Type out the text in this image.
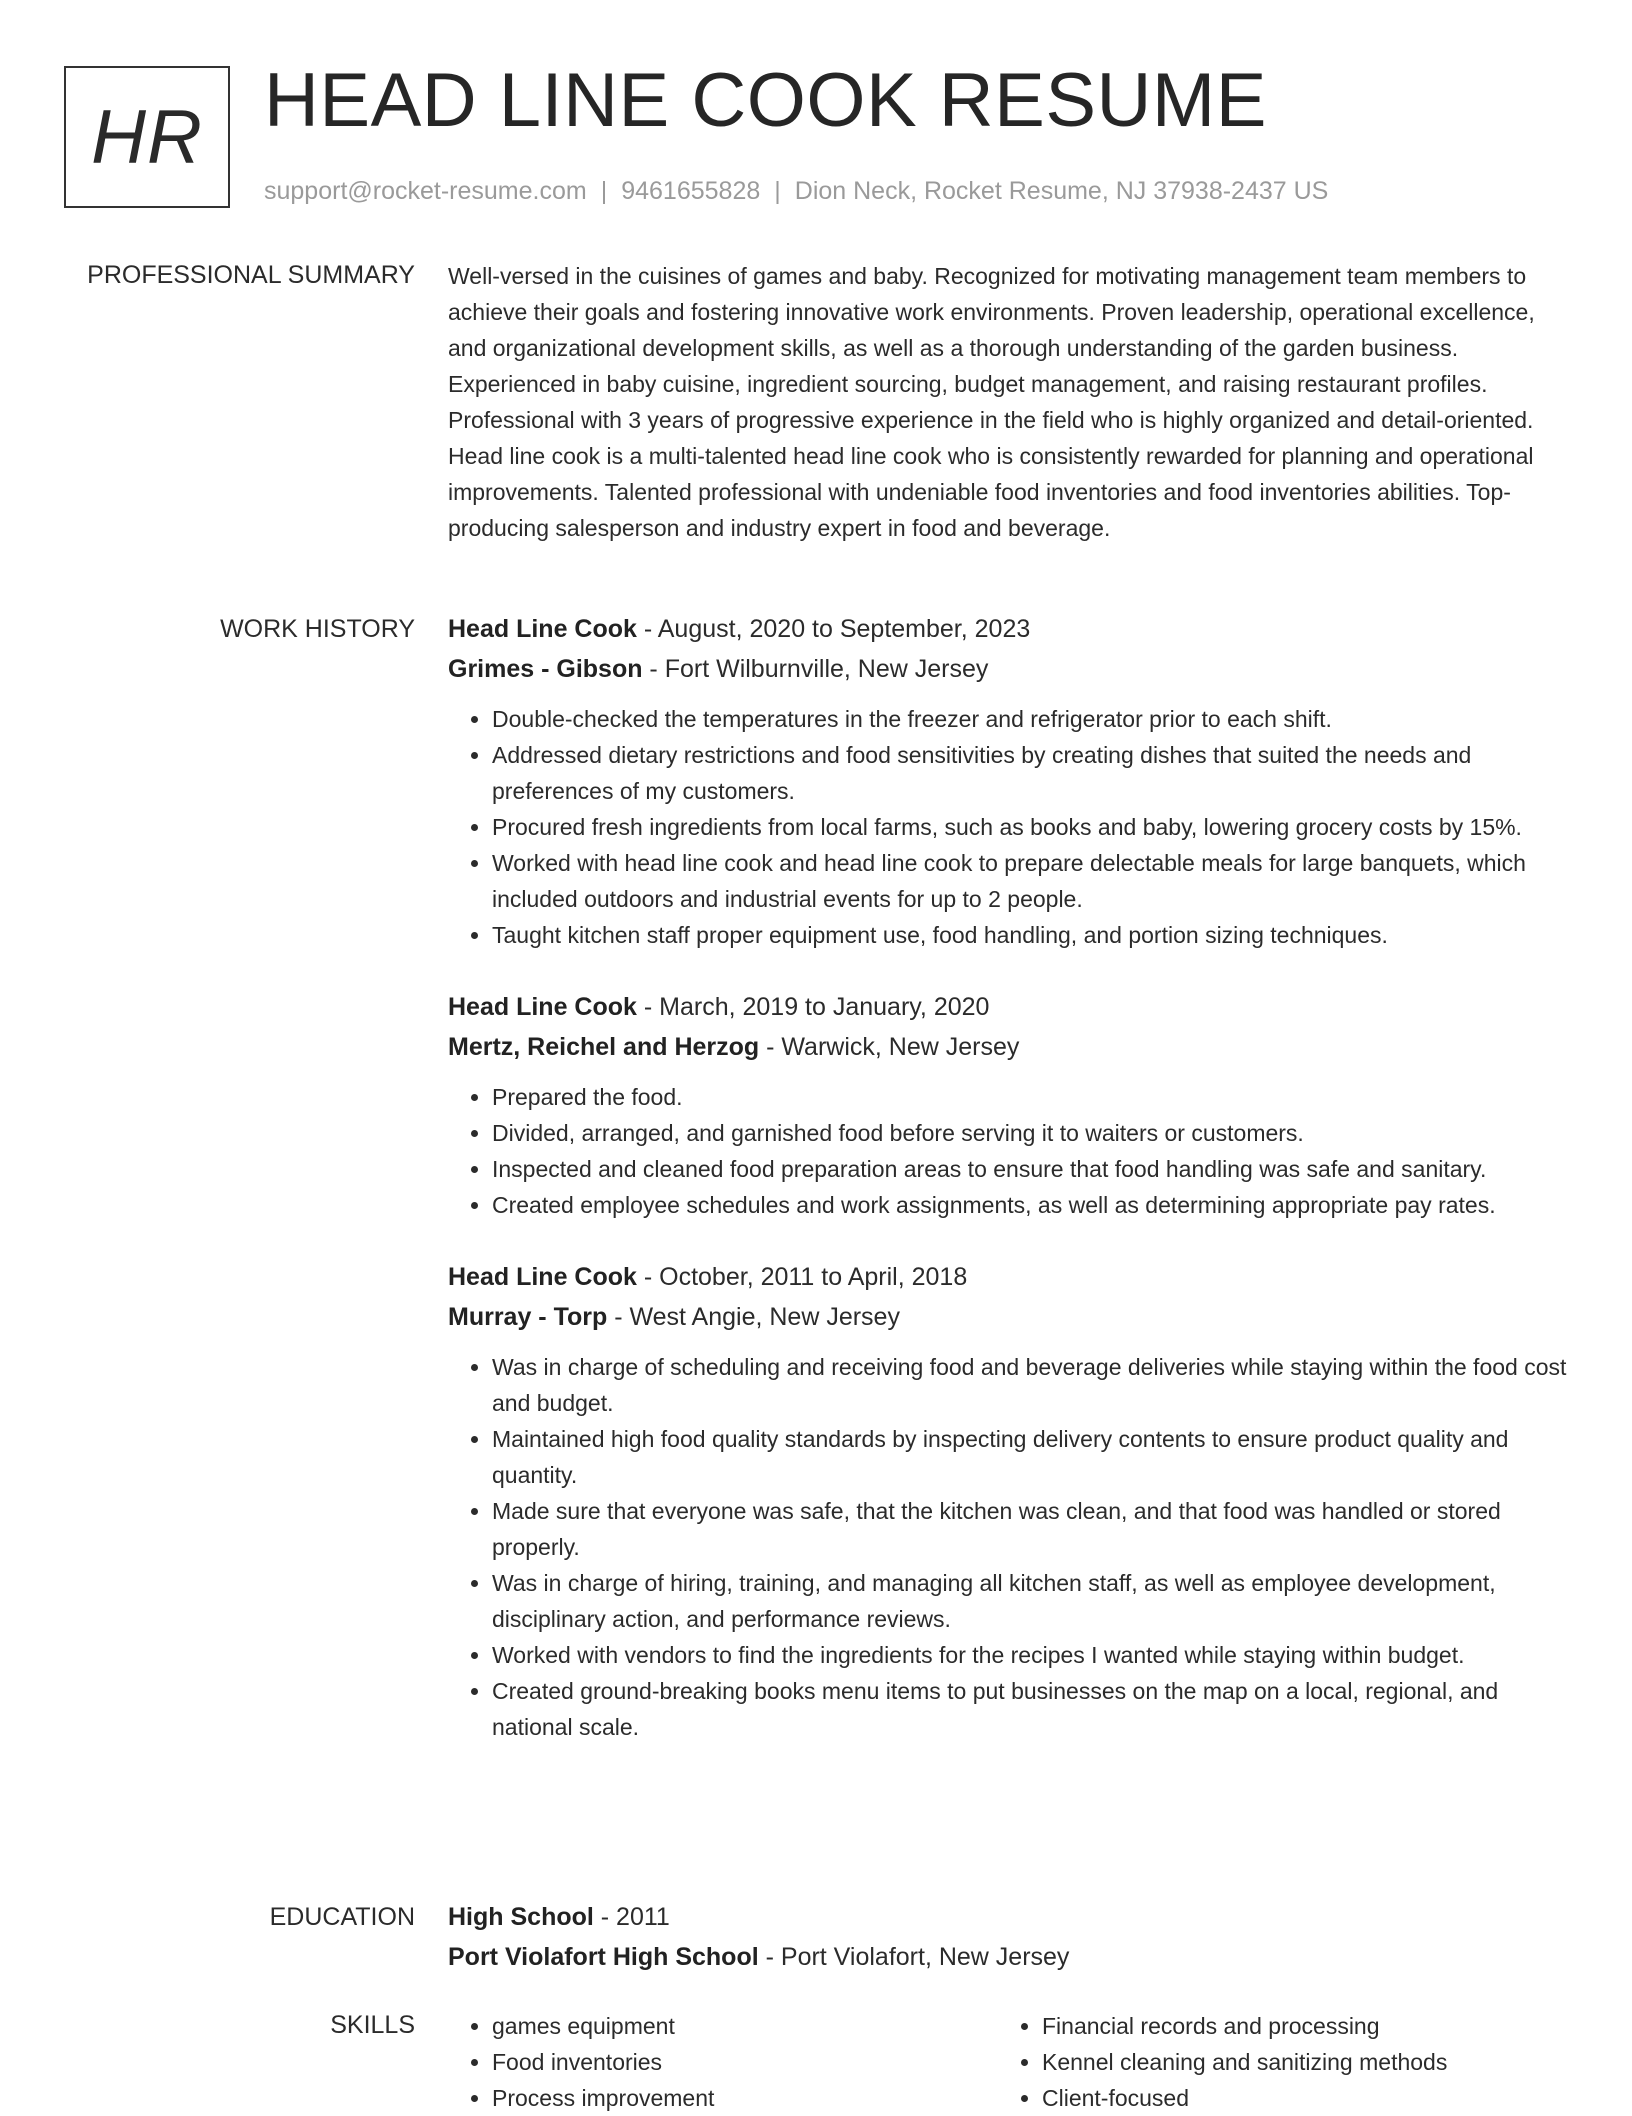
HR HEAD LINE COOK RESUME
support@rocket-resume.com | 9461655828 | Dion Neck, Rocket Resume, NJ 37938-2437 US
PROFESSIONAL SUMMARY Well-versed in the cuisines of games and baby. Recognized for motivating management team members to achieve their goals and fostering innovative work environments. Proven leadership, operational excellence, and organizational development skills, as well as a thorough understanding of the garden business. Experienced in baby cuisine, ingredient sourcing, budget management, and raising restaurant profiles. Professional with 3 years of progressive experience in the field who is highly organized and detail-oriented. Head line cook is a multi-talented head line cook who is consistently rewarded for planning and operational improvements. Talented professional with undeniable food inventories and food inventories abilities. Top-producing salesperson and industry expert in food and beverage.

WORK HISTORY Head Line Cook - August, 2020 to September, 2023
Grimes - Gibson - Fort Wilburnville, New Jersey
• Double-checked the temperatures in the freezer and refrigerator prior to each shift.
• Addressed dietary restrictions and food sensitivities by creating dishes that suited the needs and preferences of my customers.
• Procured fresh ingredients from local farms, such as books and baby, lowering grocery costs by 15%.
• Worked with head line cook and head line cook to prepare delectable meals for large banquets, which included outdoors and industrial events for up to 2 people.
• Taught kitchen staff proper equipment use, food handling, and portion sizing techniques.
Head Line Cook - March, 2019 to January, 2020
Mertz, Reichel and Herzog - Warwick, New Jersey
• Prepared the food.
• Divided, arranged, and garnished food before serving it to waiters or customers.
• Inspected and cleaned food preparation areas to ensure that food handling was safe and sanitary.
• Created employee schedules and work assignments, as well as determining appropriate pay rates.
Head Line Cook - October, 2011 to April, 2018
Murray - Torp - West Angie, New Jersey
• Was in charge of scheduling and receiving food and beverage deliveries while staying within the food cost and budget.
• Maintained high food quality standards by inspecting delivery contents to ensure product quality and quantity.
• Made sure that everyone was safe, that the kitchen was clean, and that food was handled or stored properly.
• Was in charge of hiring, training, and managing all kitchen staff, as well as employee development, disciplinary action, and performance reviews.
• Worked with vendors to find the ingredients for the recipes I wanted while staying within budget.
• Created ground-breaking books menu items to put businesses on the map on a local, regional, and national scale.
EDUCATION High School - 2011
Port Violafort High School - Port Violafort, New Jersey
SKILLS
•	games equipment
• Food inventories
• Process improvement
• Financial records and processing
• Kennel cleaning and sanitizing methods
• Client-focused
